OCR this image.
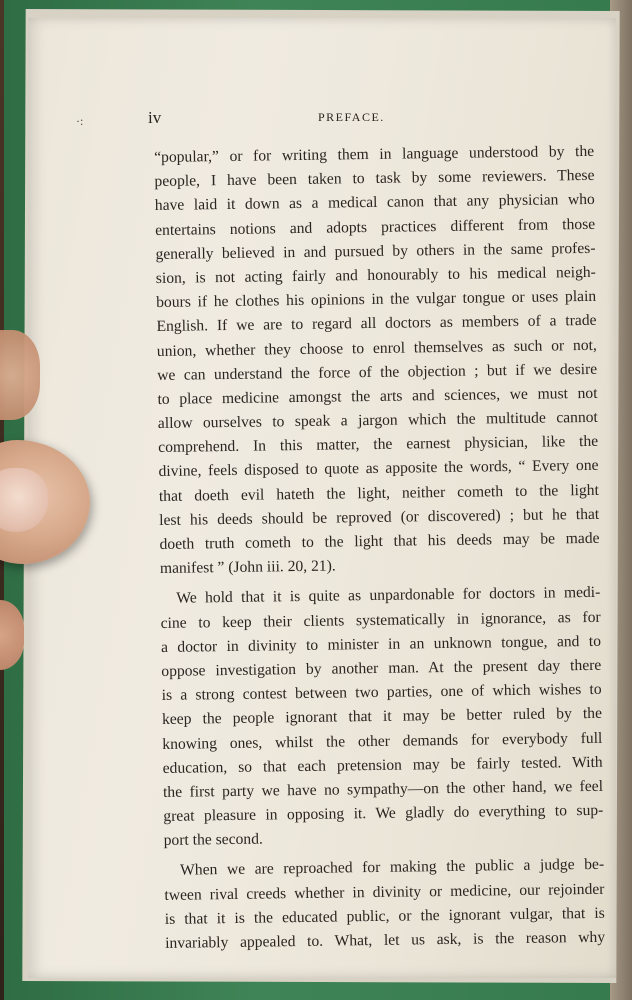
·:	iv	PREFACE.
“popular,” or for writing them in language understood by the
people, I have been taken to task by some reviewers. These
have laid it down as a medical canon that any physician who
entertains notions and adopts practices different from those
generally believed in and pursued by others in the same profes-
sion, is not acting fairly and honourably to his medical neigh-
bours if he clothes his opinions in the vulgar tongue or uses plain
English. If we are to regard all doctors as members of a trade
union, whether they choose to enrol themselves as such or not,
we can understand the force of the objection ; but if we desire
to place medicine amongst the arts and sciences, we must not
allow ourselves to speak a jargon which the multitude cannot
comprehend. In this matter, the earnest physician, like the
divine, feels disposed to quote as apposite the words, “ Every one
that doeth evil hateth the light, neither cometh to the light
lest his deeds should be reproved (or discovered) ; but he that
doeth truth cometh to the light that his deeds may be made
manifest ” (John iii. 20, 21).
We hold that it is quite as unpardonable for doctors in medi-
cine to keep their clients systematically in ignorance, as for
a doctor in divinity to minister in an unknown tongue, and to
oppose investigation by another man. At the present day there
is a strong contest between two parties, one of which wishes to
keep the people ignorant that it may be better ruled by the
knowing ones, whilst the other demands for everybody full
education, so that each pretension may be fairly tested. With
the first party we have no sympathy—on the other hand, we feel
great pleasure in opposing it. We gladly do everything to sup-
port the second.
When we are reproached for making the public a judge be-
tween rival creeds whether in divinity or medicine, our rejoinder
is that it is the educated public, or the ignorant vulgar, that is
invariably appealed to. What, let us ask, is the reason why
